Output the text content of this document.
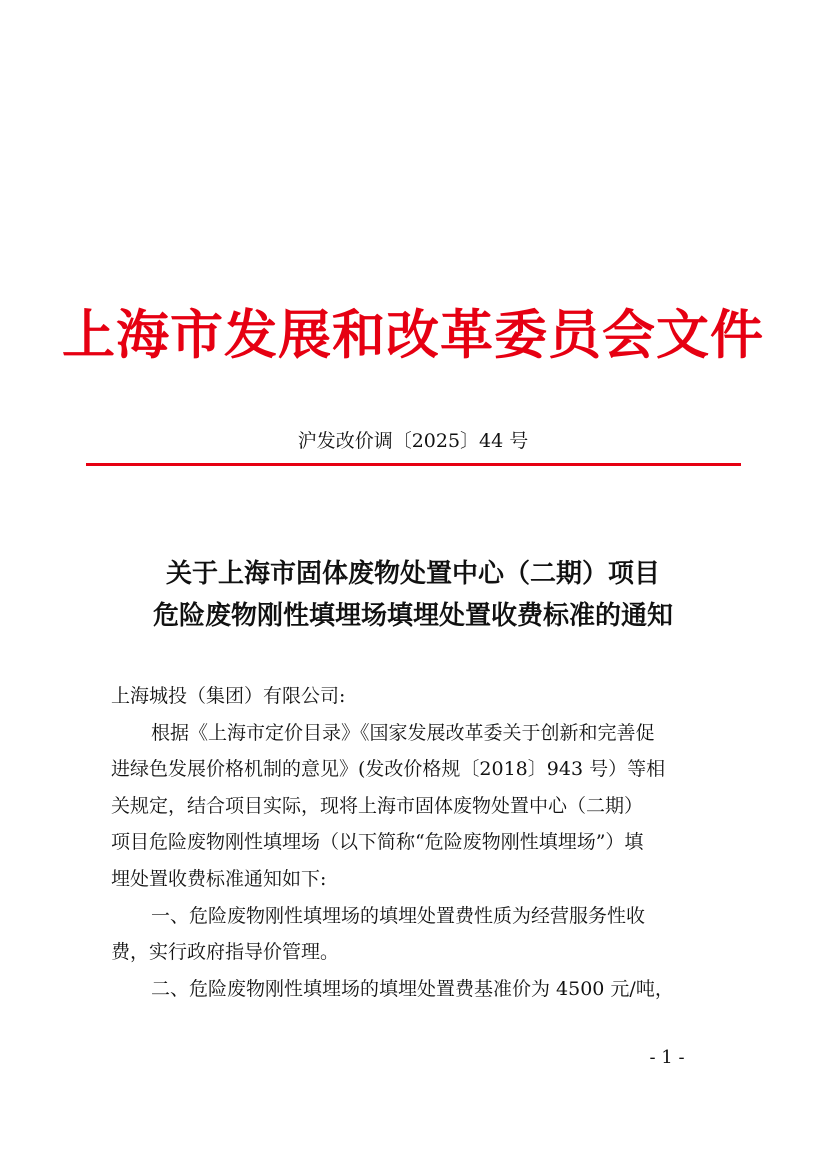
上海市发展和改革委员会文件
沪发改价调〔2025〕44 号
关于上海市固体废物处置中心（二期）项目
危险废物刚性填埋场填埋处置收费标准的通知
上海城投（集团）有限公司:
根据《上海市定价目录》《国家发展改革委关于创新和完善促
进绿色发展价格机制的意见》(发改价格规〔2018〕943 号）等相
关规定，结合项目实际，现将上海市固体废物处置中心（二期）
项目危险废物刚性填埋场（以下简称“危险废物刚性填埋场”）填
埋处置收费标准通知如下:
一、危险废物刚性填埋场的填埋处置费性质为经营服务性收
费，实行政府指导价管理。
二、危险废物刚性填埋场的填埋处置费基准价为 4500 元/吨，
- 1 -
